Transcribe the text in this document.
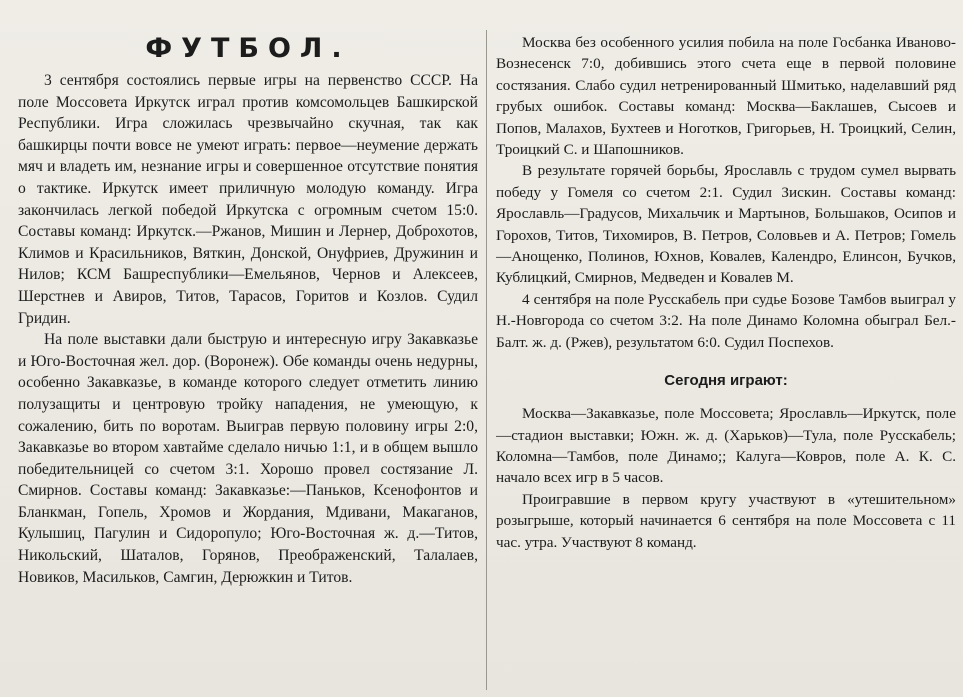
ФУТБОЛ.

3 сентября состоялись первые игры на первенство СССР. На поле Моссовета Иркутск играл против комсомольцев Башкирской Республики. Игра сложилась чрезвычайно скучная, так как башкирцы почти вовсе не умеют играть: первое—неумение держать мяч и владеть им, незнание игры и совершенное отсутствие понятия о тактике. Иркутск имеет приличную молодую команду. Игра закончилась легкой победой Иркутска с огромным счетом 15:0. Составы команд: Иркутск.—Ржанов, Мишин и Лернер, Доброхотов, Климов и Красильников, Вяткин, Донской, Онуфриев, Дружинин и Нилов; КСМ Башреспублики—Емельянов, Чернов и Алексеев, Шерстнев и Авиров, Титов, Тарасов, Горитов и Козлов. Судил Гридин.

На поле выставки дали быструю и интересную игру Закавказье и Юго-Восточная жел. дор. (Воронеж). Обе команды очень недурны, особенно Закавказье, в команде которого следует отметить линию полузащиты и центровую тройку нападения, не умеющую, к сожалению, бить по воротам. Выиграв первую половину игры 2:0, Закавказье во втором хавтайме сделало ничью 1:1, и в общем вышло победительницей со счетом 3:1. Хорошо провел состязание Л. Смирнов. Составы команд: Закавказье:—Паньков, Ксенофонтов и Бланкман, Гопель, Хромов и Жордания, Мдивани, Макаганов, Кулышиц, Пагулин и Сидоропуло; Юго-Восточная ж. д.—Титов, Никольский, Шаталов, Горянов, Преображенский, Талалаев, Новиков, Масильков, Самгин, Дерюжкин и Титов.

Москва без особенного усилия побила на поле Госбанка Иваново-Вознесенск 7:0, добившись этого счета еще в первой половине состязания. Слабо судил нетренированный Шмитько, наделавший ряд грубых ошибок. Составы команд: Москва—Баклашев, Сысоев и Попов, Малахов, Бухтеев и Ноготков, Григорьев, Н. Троицкий, Селин, Троицкий С. и Шапошников.

В результате горячей борьбы, Ярославль с трудом сумел вырвать победу у Гомеля со счетом 2:1. Судил Зискин. Составы команд: Ярославль—Градусов, Михальчик и Мартынов, Большаков, Осипов и Горохов, Титов, Тихомиров, В. Петров, Соловьев и А. Петров; Гомель—Анощенко, Полинов, Юхнов, Ковалев, Календро, Елинсон, Бучков, Кублицкий, Смирнов, Медведен и Ковалев М.

4 сентября на поле Русскабель при судье Бозове Тамбов выиграл у Н.-Новгорода со счетом 3:2. На поле Динамо Коломна обыграл Бел.-Балт. ж. д. (Ржев), результатом 6:0. Судил Поспехов.

Сегодня играют:

Москва—Закавказье, поле Моссовета; Ярославль—Иркутск, поле—стадион выставки; Южн. ж. д. (Харьков)—Тула, поле Русскабель; Коломна—Тамбов, поле Динамо;; Калуга—Ковров, поле А. К. С. начало всех игр в 5 часов.

Проигравшие в первом кругу участвуют в «утешительном» розыгрыше, который начинается 6 сентября на поле Моссовета с 11 час. утра. Участвуют 8 команд.
